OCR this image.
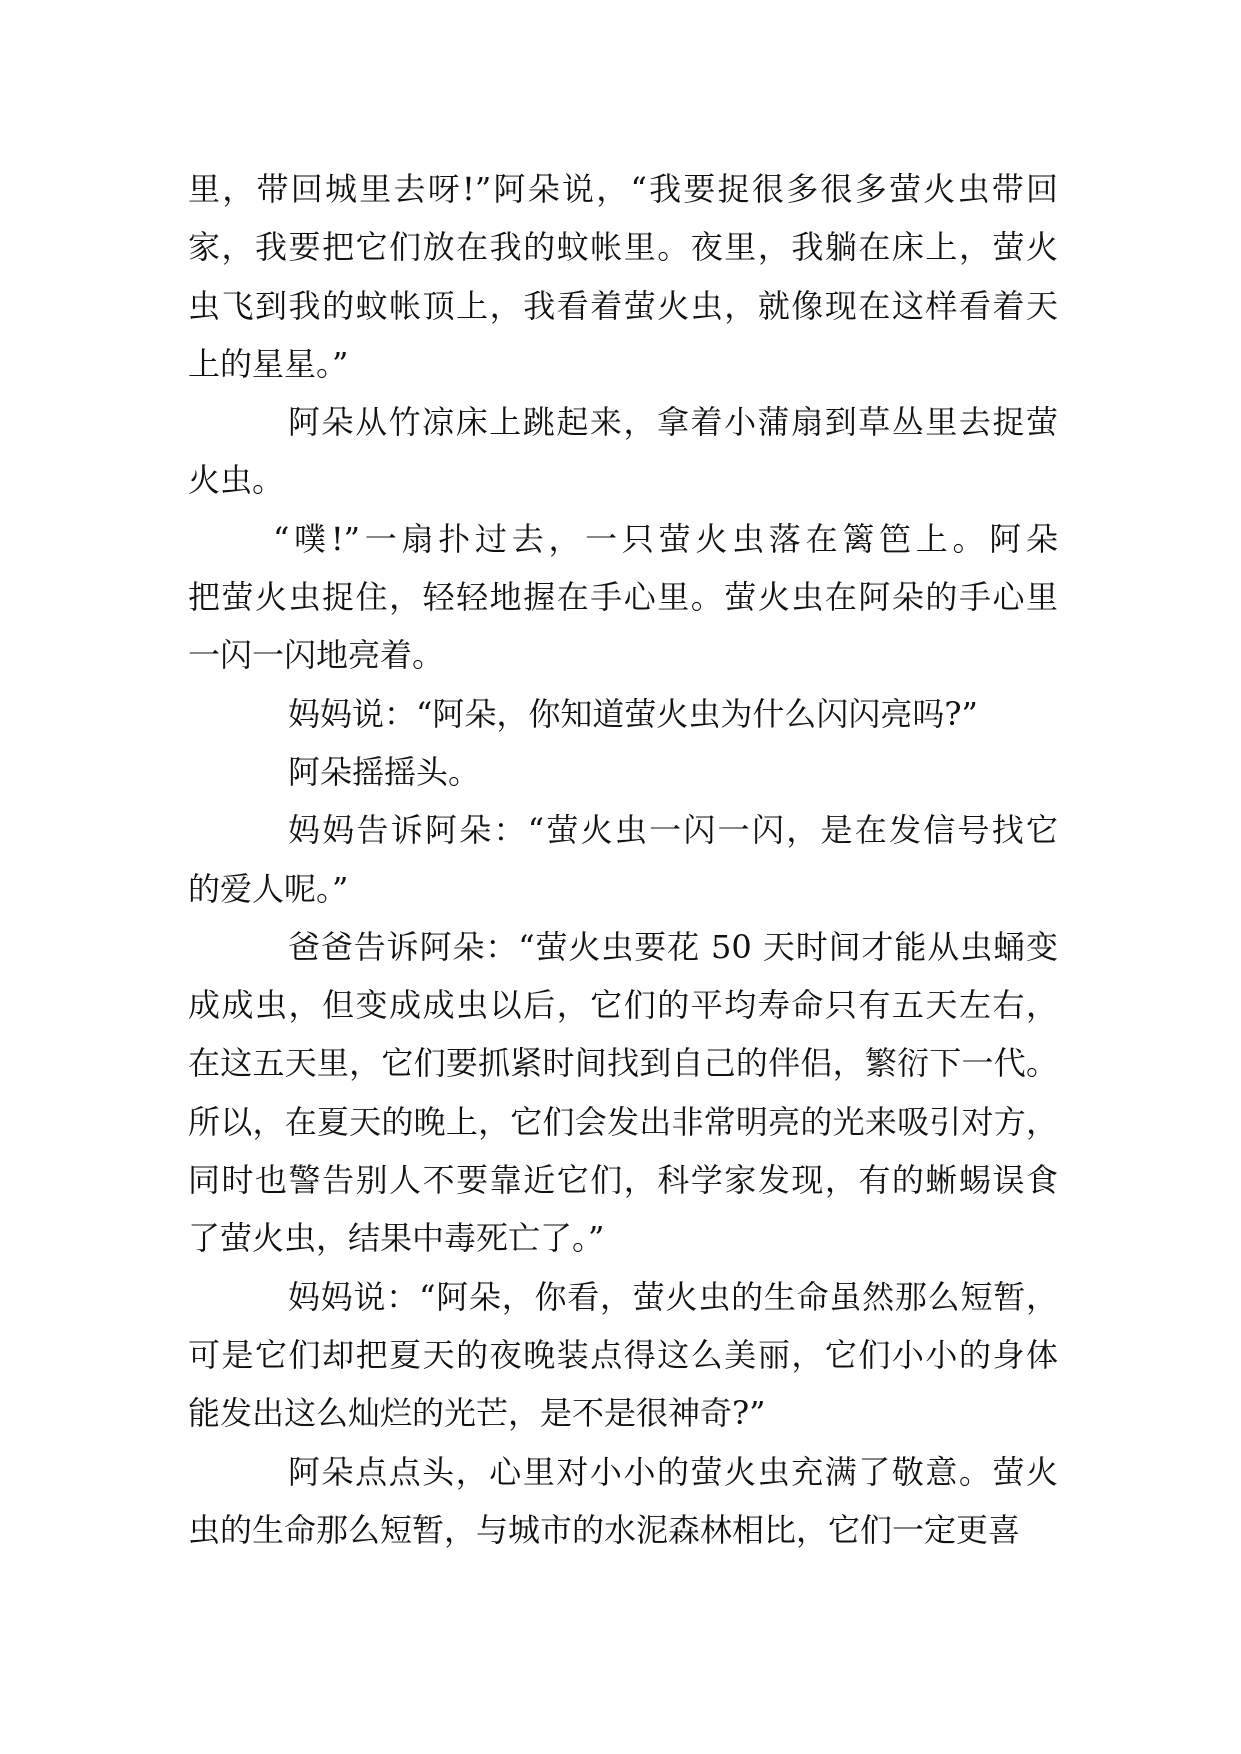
里，带回城里去呀!”阿朵说，“我要捉很多很多萤火虫带回
家，我要把它们放在我的蚊帐里。夜里，我躺在床上，萤火
虫飞到我的蚊帐顶上，我看着萤火虫，就像现在这样看着天
上的星星。”
阿朵从竹凉床上跳起来，拿着小蒲扇到草丛里去捉萤
火虫。
“噗!”一扇扑过去，一只萤火虫落在篱笆上。阿朵
把萤火虫捉住，轻轻地握在手心里。萤火虫在阿朵的手心里
一闪一闪地亮着。
妈妈说：“阿朵，你知道萤火虫为什么闪闪亮吗?”
阿朵摇摇头。
妈妈告诉阿朵：“萤火虫一闪一闪，是在发信号找它
的爱人呢。”
爸爸告诉阿朵：“萤火虫要花 50 天时间才能从虫蛹变
成成虫，但变成成虫以后，它们的平均寿命只有五天左右，
在这五天里，它们要抓紧时间找到自己的伴侣，繁衍下一代。
所以，在夏天的晚上，它们会发出非常明亮的光来吸引对方，
同时也警告别人不要靠近它们，科学家发现，有的蜥蜴误食
了萤火虫，结果中毒死亡了。”
妈妈说：“阿朵，你看，萤火虫的生命虽然那么短暂，
可是它们却把夏天的夜晚装点得这么美丽，它们小小的身体
能发出这么灿烂的光芒，是不是很神奇?”
阿朵点点头，心里对小小的萤火虫充满了敬意。萤火
虫的生命那么短暂，与城市的水泥森林相比，它们一定更喜
